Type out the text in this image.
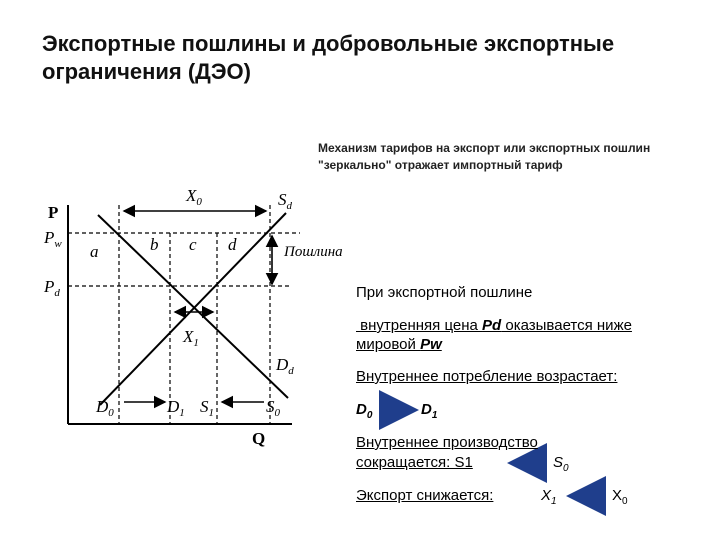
Экспортные пошлины и добровольные экспортные ограничения (ДЭО)
Механизм тарифов на экспорт или экспортных пошлин "зеркально" отражает импортный тариф
P
Q
$P_w$
$P_d$
$X_0$
$X_1$
$S_d$
$D_d$
Пошлина
a	b c d
$D_0$	$D_1$ $S_1$	$S_0$
При экспортной пошлине
внутренняя цена Pd оказывается ниже
мировой Pw
Внутреннее потребление возрастает:
$D_0$	$D_1$
Внутреннее производство
сокращается: S1	$S_0$
Экспорт снижается:	$X_1$	$X_0$
